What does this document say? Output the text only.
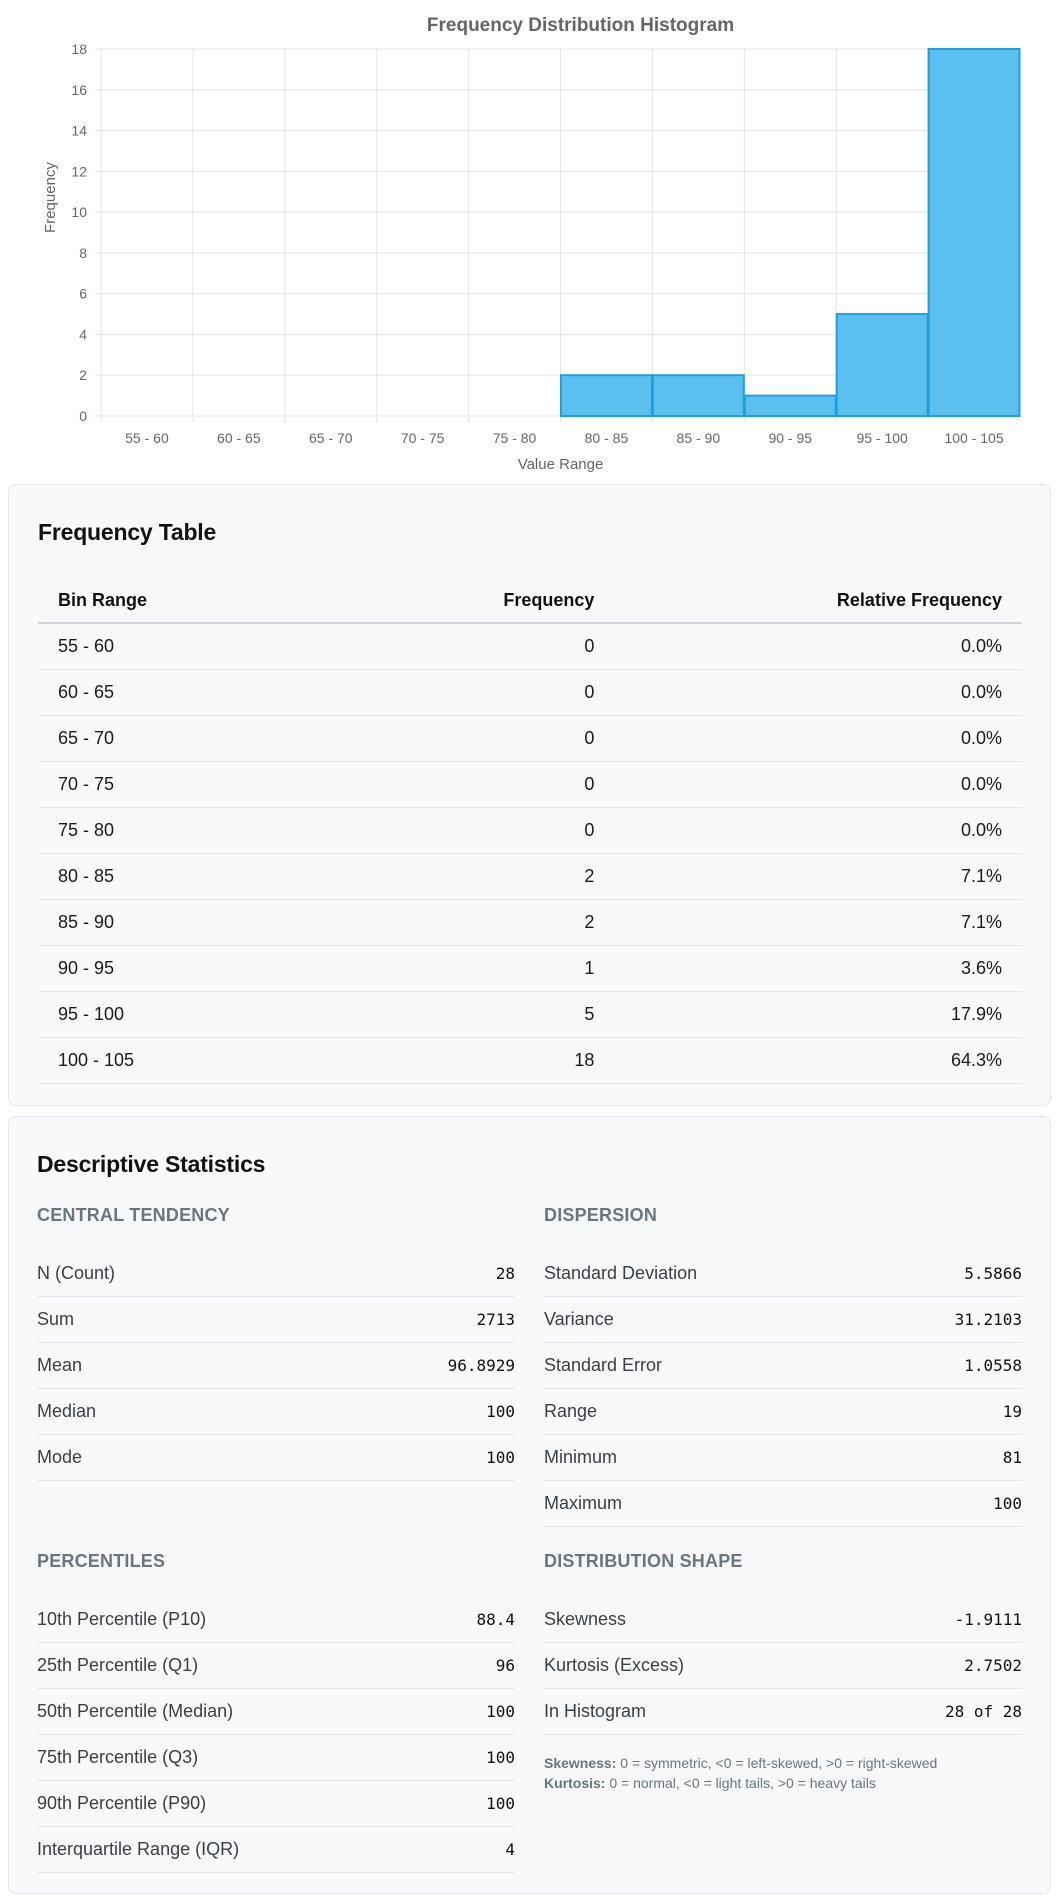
Frequency Distribution Histogram
0
2
4
6
8
10
12
14
16
18
55 - 60	60 - 65	65 - 70	70 - 75	75 - 80	80 - 85	85 - 90	90 - 95	95 - 100	100 - 105
Value Range
Frequency
Frequency Table
Bin Range	Frequency	Relative Frequency
55 - 60	0	0.0%
60 - 65	0	0.0%
65 - 70	0	0.0%
70 - 75	0	0.0%
75 - 80	0	0.0%
80 - 85	2	7.1%
85 - 90	2	7.1%
90 - 95	1	3.6%
95 - 100	5	17.9%
100 - 105	18	64.3%
Descriptive Statistics
CENTRAL TENDENCY
N (Count)	28
Sum	2713
Mean	96.8929
Median	100
Mode	100
DISPERSION
Standard Deviation	5.5866
Variance	31.2103
Standard Error	1.0558
Range	19
Minimum	81
Maximum	100
PERCENTILES
10th Percentile (P10)	88.4
25th Percentile (Q1)	96
50th Percentile (Median)	100
75th Percentile (Q3)	100
90th Percentile (P90)	100
Interquartile Range (IQR)	4
DISTRIBUTION SHAPE
Skewness	-1.9111
Kurtosis (Excess)	2.7502
In Histogram	28 of 28
Skewness: 0 = symmetric, <0 = left-skewed, >0 = right-skewed
Kurtosis: 0 = normal, <0 = light tails, >0 = heavy tails
